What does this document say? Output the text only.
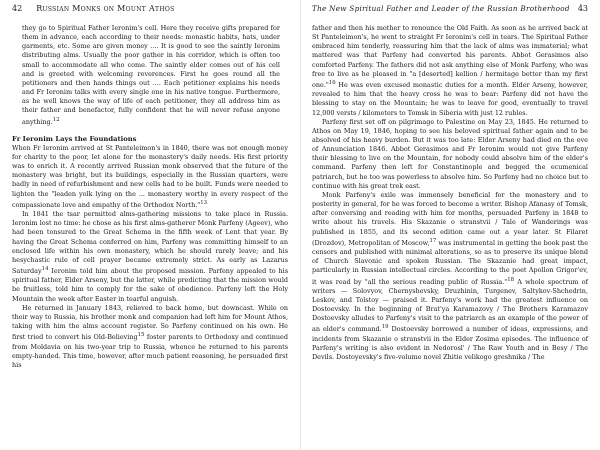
42 Russian Monks on Mount Athos

they go to Spiritual Father Ieronim's cell. Here they receive gifts prepared for them in advance, each according to their needs: monastic habits, hats, under garments, etc. Some are given money .... It is good to see the saintly Ieronim distributing alms. Usually the poor gather in his corridor, which is often too small to accommodate all who come. The saintly elder comes out of his cell and is greeted with welcoming reverences. First he goes round all the petitioners and then hands things out .... Each petitioner explains his needs and Fr Ieronim talks with every single one in his native tongue. Furthermore, as he well knows the way of life of each petitioner, they all address him as their father and benefactor, fully confident that he will never refuse anyone anything.$^{12}$

Fr Ieronim Lays the Foundations

When Fr Ieronim arrived at St Panteleimon's in 1840, there was not enough money for charity to the poor, let alone for the monastery's daily needs. His first priority was to enrich it. A recently arrived Russian monk observed that the future of the monastery was bright, but its buildings, especially in the Russian quarters, were badly in need of refurbishment and new cells had to be built. Funds were needed to lighten the "leaden yolk lying on the ... monastery worthy in every respect of the compassionate love and empathy of the Orthodox North."$^{13}$

In 1841 the tsar permitted alms-gathering missions to take place in Russia. Ieronim lost no time: he chose as his first alms-gatherer Monk Parfeny (Ageev), who had been tonsured to the Great Schema in the fifth week of Lent that year. By having the Great Schema conferred on him, Parfeny was committing himself to an enclosed life within his own monastery, which he should rarely leave; and his hesychastic rule of cell prayer became extremely strict. As early as Lazarus Saturday$^{14}$ Ieronim told him about the proposed mission. Parfeny appealed to his spiritual father, Elder Arseny, but the latter, while predicting that the mission would be fruitless, told him to comply for the sake of obedience. Parfeny left the Holy Mountain the week after Easter in tearful anguish.

He returned in January 1843, relieved to back home, but downcast. While on their way to Russia, his brother monk and companion had left him for Mount Athos, taking with him the alms account register. So Parfeny continued on his own. He first tried to convert his Old-Believing$^{15}$ foster parents to Orthodoxy and continued from Moldavia on his two-year trip to Russia, whence he returned to his parents empty-handed. This time, however, after much patient reasoning, he persuaded first his

The New Spiritual Father and Leader of the Russian Brotherhood 43

father and then his mother to renounce the Old Faith. As soon as he arrived back at St Panteleimon's, he went to straight Fr Ieronim's cell in tears. The Spiritual Father embraced him tenderly, reassuring him that the lack of alms was immaterial; what mattered was that Parfeny had converted his parents. Abbot Gerasimos also comforted Parfeny. The fathers did not ask anything else of Monk Parfeny, who was free to live as he pleased in "a [deserted] kellion / hermitage better than my first one."$^{16}$ He was even excused monastic duties for a month. Elder Arseny, however, revealed to him that the heavy cross he was to bear: Parfeny did not have the blessing to stay on the Mountain; he was to leave for good, eventually to travel 12,000 versts / kilometers to Tomsk in Siberia with just 12 rubles.

Parfeny first set off on pilgrimage to Palestine on May 23, 1845. He returned to Athos on May 19, 1846, hoping to see his beloved spiritual father again and to be absolved of his heavy burden. But it was too late: Elder Arseny had died on the eve of Annunciation 1846. Abbot Gerasimos and Fr Ieronim would not give Parfeny their blessing to live on the Mountain, for nobody could absolve him of the elder's command. Parfeny then left for Constantinople and begged the ecumenical patriarch, but he too was powerless to absolve him. So Parfeny had no choice but to continue with his great trek east.

Monk Parfeny's exile was immensely beneficial for the monastery and to posterity in general, for he was forced to become a writer. Bishop Afanasy of Tomsk, after conversing and reading with him for months, persuaded Parfeny in 1848 to write about his travels. His Skazanie o stranstvii / Tale of Wanderings was published in 1855, and its second edition came out a year later. St Filaret (Drozdov), Metropolitan of Moscow,$^{17}$ was instrumental in getting the book past the censors and published with minimal alterations, so as to preserve its unique blend of Church Slavonic and spoken Russian. The Skazanie had great impact, particularly in Russian intellectual circles. According to the poet Apollon Grigor'ev, it was read by "all the serious reading public of Russia."$^{18}$ A whole spectrum of writers — Solovyov, Chernyshevsky, Druzhinin, Turgenev, Saltykov-Shchedrin, Leskov, and Tolstoy — praised it. Parfeny's work had the greatest influence on Dostoevsky. In the beginning of Brat'ya Karamazovy / The Brothers Karamazov Dostoevsky alludes to Parfeny's visit to the patriarch as an example of the power of an elder's command.$^{19}$ Dostoevsky borrowed a number of ideas, expressions, and incidents from Skazanie o stranstvii in the Elder Zosima episodes. The influence of Parfeny's writing is also evident in Nedorosl' / The Raw Youth and in Besy / The Devils. Dostoyevsky's five-volume novel Zhitie velikogo greshnika / The
